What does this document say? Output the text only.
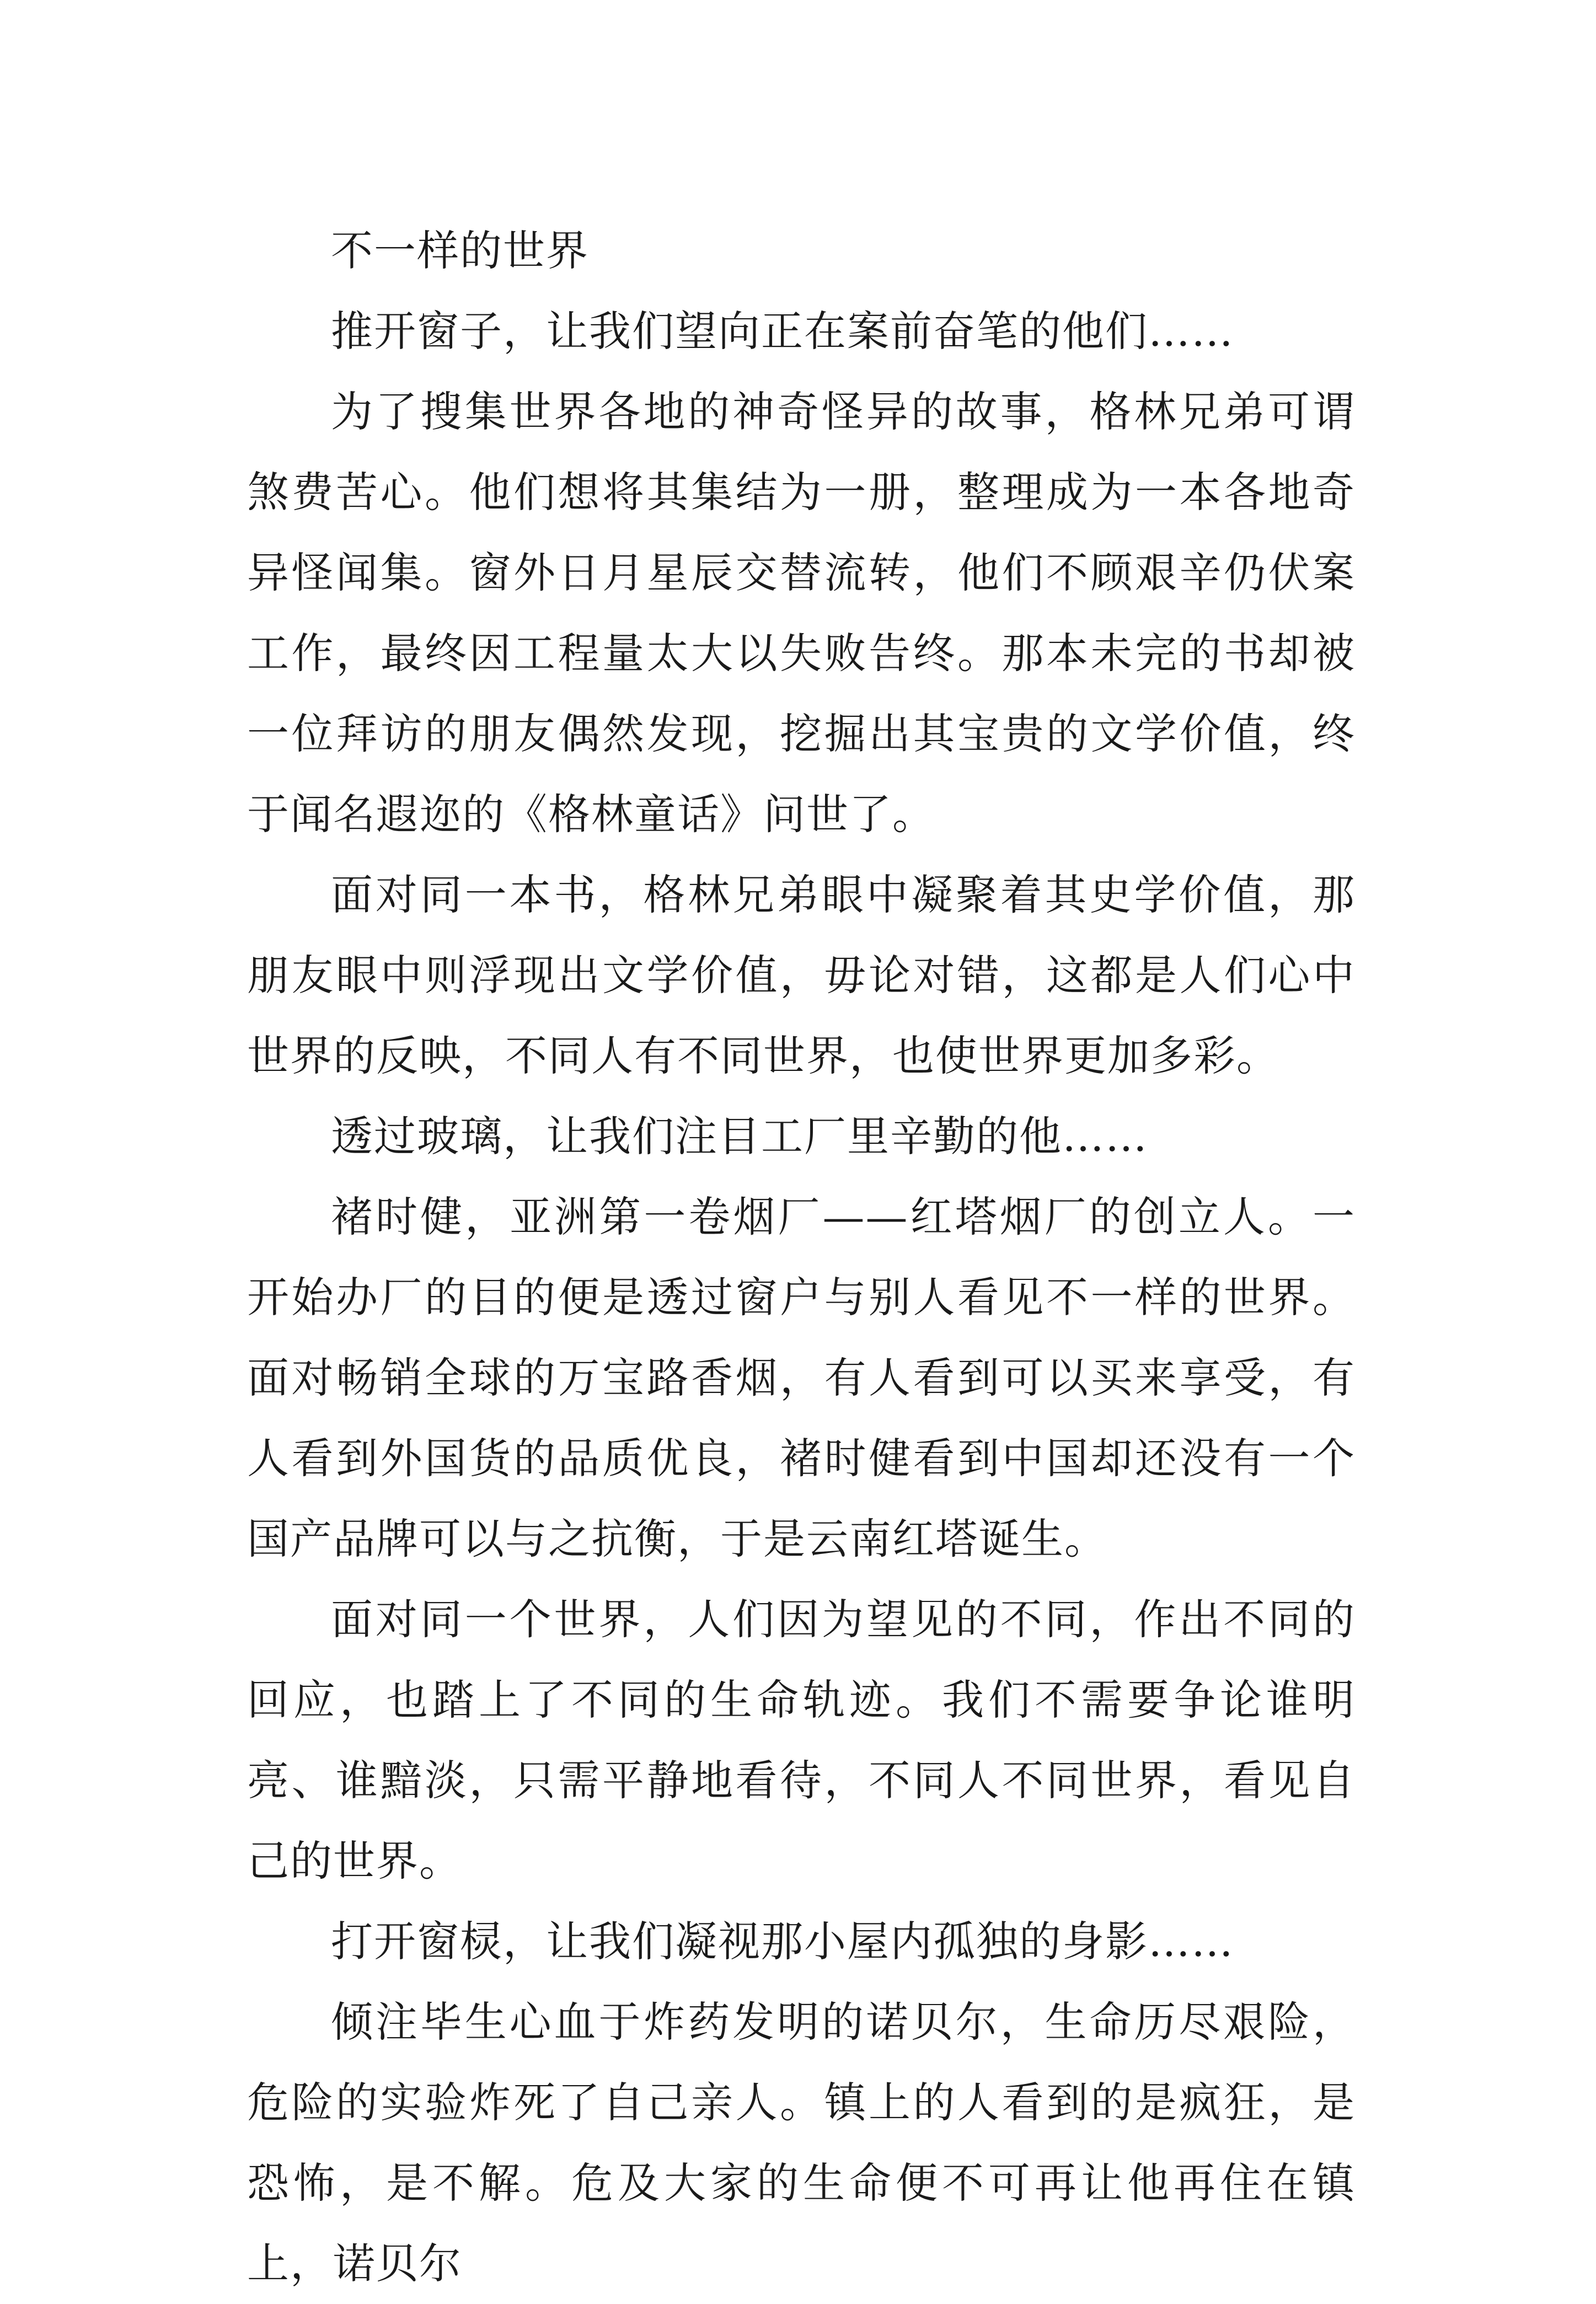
不一样的世界

推开窗子，让我们望向正在案前奋笔的他们……

为了搜集世界各地的神奇怪异的故事，格林兄弟可谓煞费苦心。他们想将其集结为一册，整理成为一本各地奇异怪闻集。窗外日月星辰交替流转，他们不顾艰辛仍伏案工作，最终因工程量太大以失败告终。那本未完的书却被一位拜访的朋友偶然发现，挖掘出其宝贵的文学价值，终于闻名遐迩的《格林童话》问世了。

面对同一本书，格林兄弟眼中凝聚着其史学价值，那朋友眼中则浮现出文学价值，毋论对错，这都是人们心中世界的反映，不同人有不同世界，也使世界更加多彩。

透过玻璃，让我们注目工厂里辛勤的他……

褚时健，亚洲第一卷烟厂——红塔烟厂的创立人。一开始办厂的目的便是透过窗户与别人看见不一样的世界。面对畅销全球的万宝路香烟，有人看到可以买来享受，有人看到外国货的品质优良，褚时健看到中国却还没有一个国产品牌可以与之抗衡，于是云南红塔诞生。

面对同一个世界，人们因为望见的不同，作出不同的回应，也踏上了不同的生命轨迹。我们不需要争论谁明亮、谁黯淡，只需平静地看待，不同人不同世界，看见自己的世界。

打开窗棂，让我们凝视那小屋内孤独的身影……

倾注毕生心血于炸药发明的诺贝尔，生命历尽艰险，危险的实验炸死了自己亲人。镇上的人看到的是疯狂，是恐怖，是不解。危及大家的生命便不可再让他再住在镇上，诺贝尔
